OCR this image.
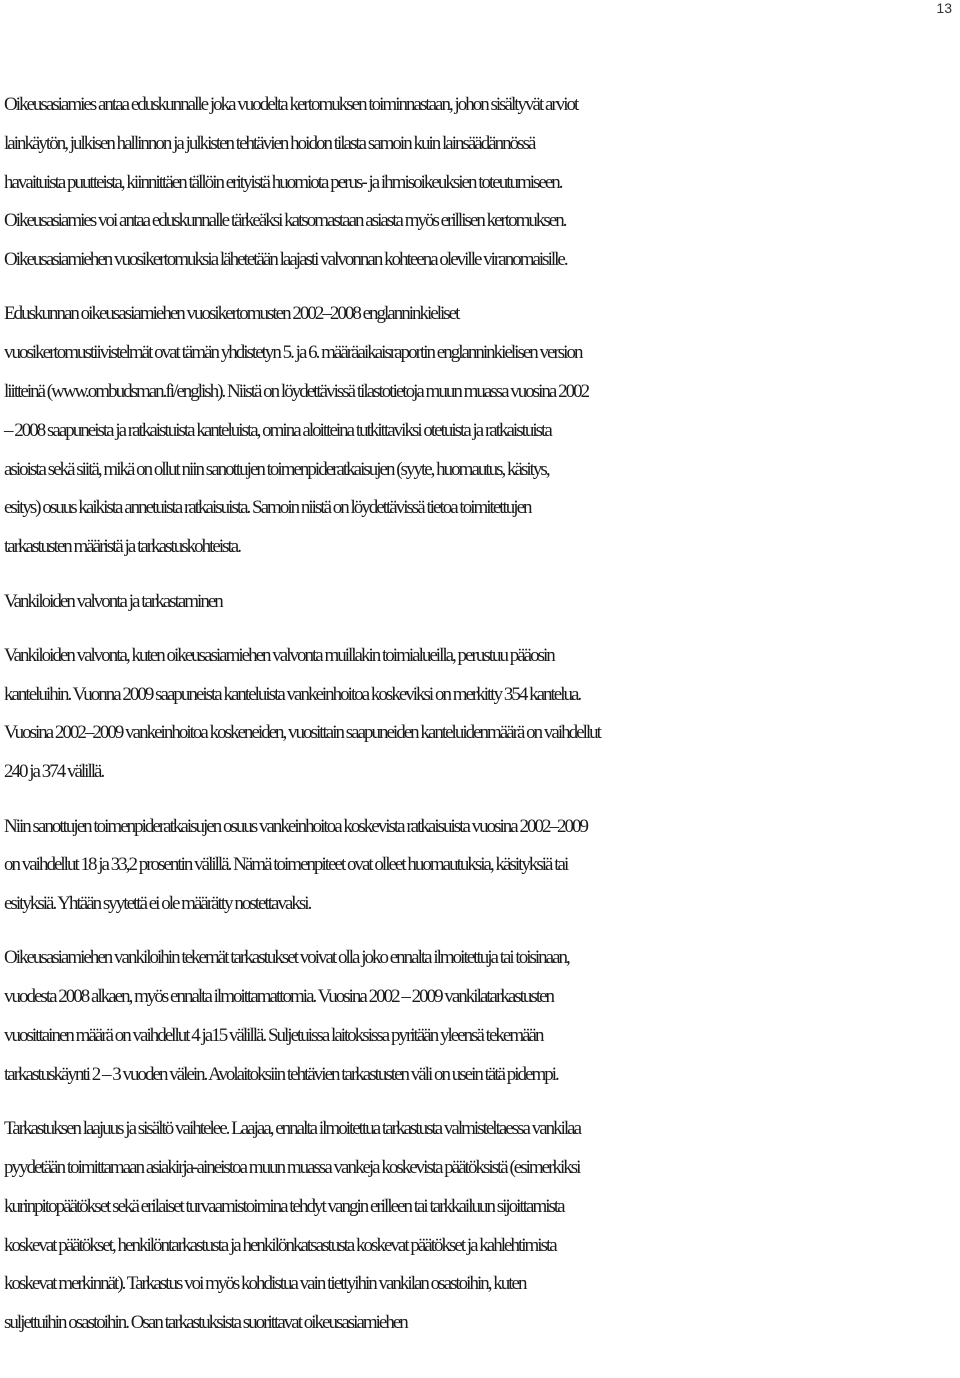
13
Oikeusasiamies antaa eduskunnalle joka vuodelta kertomuksen toiminnastaan, johon sisältyvät arviot
lainkäytön, julkisen hallinnon ja julkisten tehtävien hoidon tilasta samoin kuin lainsäädännössä
havaituista puutteista, kiinnittäen tällöin erityistä huomiota perus- ja ihmisoikeuksien toteutumiseen.
Oikeusasiamies voi antaa eduskunnalle tärkeäksi katsomastaan asiasta myös erillisen kertomuksen.
Oikeusasiamiehen vuosikertomuksia lähetetään laajasti valvonnan kohteena oleville viranomaisille.
Eduskunnan oikeusasiamiehen vuosikertomusten 2002–2008 englanninkieliset
vuosikertomustiivistelmät ovat tämän yhdistetyn 5. ja 6. määräaikaisraportin englanninkielisen version
liitteinä (www.ombudsman.fi/english). Niistä on löydettävissä tilastotietoja muun muassa vuosina 2002
– 2008 saapuneista ja ratkaistuista kanteluista, omina aloitteina tutkittaviksi otetuista ja ratkaistuista
asioista sekä siitä, mikä on ollut niin sanottujen toimenpideratkaisujen (syyte, huomautus, käsitys,
esitys) osuus kaikista annetuista ratkaisuista. Samoin niistä on löydettävissä tietoa toimitettujen
tarkastusten määristä ja tarkastuskohteista.
Vankiloiden valvonta ja tarkastaminen
Vankiloiden valvonta, kuten oikeusasiamiehen valvonta muillakin toimialueilla, perustuu pääosin
kanteluihin. Vuonna 2009 saapuneista kanteluista vankeinhoitoa koskeviksi on merkitty 354 kantelua.
Vuosina 2002–2009 vankeinhoitoa koskeneiden, vuosittain saapuneiden kanteluidenmäärä on vaihdellut
240 ja 374 välillä.
Niin sanottujen toimenpideratkaisujen osuus vankeinhoitoa koskevista ratkaisuista vuosina 2002–2009
on vaihdellut 18 ja 33,2 prosentin välillä. Nämä toimenpiteet ovat olleet huomautuksia, käsityksiä tai
esityksiä. Yhtään syytettä ei ole määrätty nostettavaksi.
Oikeusasiamiehen vankiloihin tekemät tarkastukset voivat olla joko ennalta ilmoitettuja tai toisinaan,
vuodesta 2008 alkaen, myös ennalta ilmoittamattomia. Vuosina 2002 – 2009 vankilatarkastusten
vuosittainen määrä on vaihdellut 4 ja15 välillä. Suljetuissa laitoksissa pyritään yleensä tekemään
tarkastuskäynti 2 – 3 vuoden välein. Avolaitoksiin tehtävien tarkastusten väli on usein tätä pidempi.
Tarkastuksen laajuus ja sisältö vaihtelee. Laajaa, ennalta ilmoitettua tarkastusta valmisteltaessa vankilaa
pyydetään toimittamaan asiakirja-aineistoa muun muassa vankeja koskevista päätöksistä (esimerkiksi
kurinpitopäätökset sekä erilaiset turvaamistoimina tehdyt vangin erilleen tai tarkkailuun sijoittamista
koskevat päätökset, henkilöntarkastusta ja henkilönkatsastusta koskevat päätökset ja kahlehtimista
koskevat merkinnät). Tarkastus voi myös kohdistua vain tiettyihin vankilan osastoihin, kuten
suljettuihin osastoihin. Osan tarkastuksista suorittavat oikeusasiamiehen
